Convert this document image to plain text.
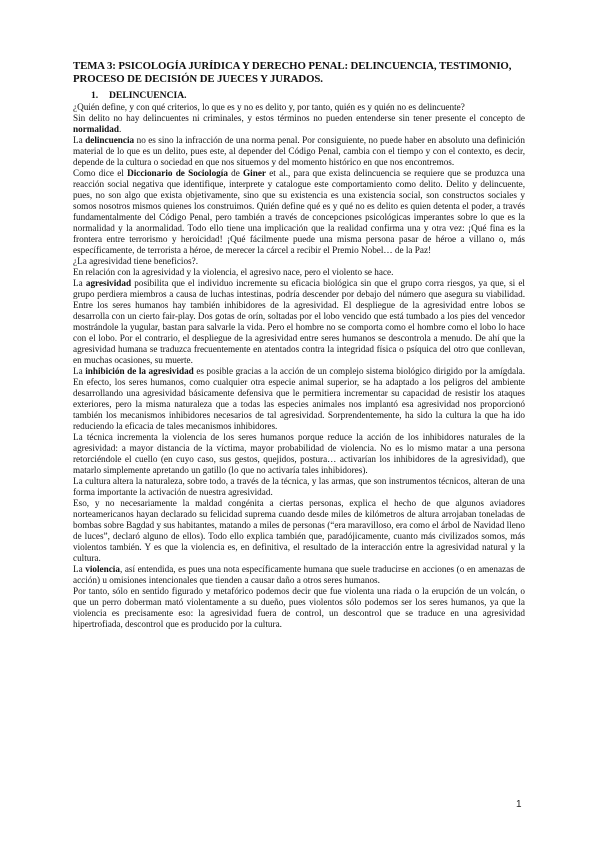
TEMA 3: PSICOLOGÍA JURÍDICA Y DERECHO PENAL: DELINCUENCIA, TESTIMONIO, PROCESO DE DECISIÓN DE JUECES Y JURADOS.
1. DELINCUENCIA.

¿Quién define, y con qué criterios, lo que es y no es delito y, por tanto, quién es y quién no es delincuente?

Sin delito no hay delincuentes ni criminales, y estos términos no pueden entenderse sin tener presente el concepto de normalidad.

La delincuencia no es sino la infracción de una norma penal. Por consiguiente, no puede haber en absoluto una definición material de lo que es un delito, pues este, al depender del Código Penal, cambia con el tiempo y con el contexto, es decir, depende de la cultura o sociedad en que nos situemos y del momento histórico en que nos encontremos.

Como dice el Diccionario de Sociología de Giner et al., para que exista delincuencia se requiere que se produzca una reacción social negativa que identifique, interprete y catalogue este comportamiento como delito. Delito y delincuente, pues, no son algo que exista objetivamente, sino que su existencia es una existencia social, son constructos sociales y somos nosotros mismos quienes los construimos. Quién define qué es y qué no es delito es quien detenta el poder, a través fundamentalmente del Código Penal, pero también a través de concepciones psicológicas imperantes sobre lo que es la normalidad y la anormalidad. Todo ello tiene una implicación que la realidad confirma una y otra vez: ¡Qué fina es la frontera entre terrorismo y heroicidad! ¡Qué fácilmente puede una misma persona pasar de héroe a villano o, más específicamente, de terrorista a héroe, de merecer la cárcel a recibir el Premio Nobel… de la Paz!

¿La agresividad tiene beneficios?.

En relación con la agresividad y la violencia, el agresivo nace, pero el violento se hace.

La agresividad posibilita que el individuo incremente su eficacia biológica sin que el grupo corra riesgos, ya que, si el grupo perdiera miembros a causa de luchas intestinas, podría descender por debajo del número que asegura su viabilidad. Entre los seres humanos hay también inhibidores de la agresividad. El despliegue de la agresividad entre lobos se desarrolla con un cierto fair-play. Dos gotas de orín, soltadas por el lobo vencido que está tumbado a los pies del vencedor mostrándole la yugular, bastan para salvarle la vida. Pero el hombre no se comporta como el hombre como el lobo lo hace con el lobo. Por el contrario, el despliegue de la agresividad entre seres humanos se descontrola a menudo. De ahí que la agresividad humana se traduzca frecuentemente en atentados contra la integridad física o psíquica del otro que conllevan, en muchas ocasiones, su muerte.

La inhibición de la agresividad es posible gracias a la acción de un complejo sistema biológico dirigido por la amígdala. En efecto, los seres humanos, como cualquier otra especie animal superior, se ha adaptado a los peligros del ambiente desarrollando una agresividad básicamente defensiva que le permitiera incrementar su capacidad de resistir los ataques exteriores, pero la misma naturaleza que a todas las especies animales nos implantó esa agresividad nos proporcionó también los mecanismos inhibidores necesarios de tal agresividad. Sorprendentemente, ha sido la cultura la que ha ido reduciendo la eficacia de tales mecanismos inhibidores.

La técnica incrementa la violencia de los seres humanos porque reduce la acción de los inhibidores naturales de la agresividad: a mayor distancia de la víctima, mayor probabilidad de violencia. No es lo mismo matar a una persona retorciéndole el cuello (en cuyo caso, sus gestos, quejidos, postura… activarían los inhibidores de la agresividad), que matarlo simplemente apretando un gatillo (lo que no activaría tales inhibidores).

La cultura altera la naturaleza, sobre todo, a través de la técnica, y las armas, que son instrumentos técnicos, alteran de una forma importante la activación de nuestra agresividad.

Eso, y no necesariamente la maldad congénita a ciertas personas, explica el hecho de que algunos aviadores norteamericanos hayan declarado su felicidad suprema cuando desde miles de kilómetros de altura arrojaban toneladas de bombas sobre Bagdad y sus habitantes, matando a miles de personas (“era maravilloso, era como el árbol de Navidad lleno de luces”, declaró alguno de ellos). Todo ello explica también que, paradójicamente, cuanto más civilizados somos, más violentos también. Y es que la violencia es, en definitiva, el resultado de la interacción entre la agresividad natural y la cultura.

La violencia, así entendida, es pues una nota específicamente humana que suele traducirse en acciones (o en amenazas de acción) u omisiones intencionales que tienden a causar daño a otros seres humanos.

Por tanto, sólo en sentido figurado y metafórico podemos decir que fue violenta una riada o la erupción de un volcán, o que un perro doberman mató violentamente a su dueño, pues violentos sólo podemos ser los seres humanos, ya que la violencia es precisamente eso: la agresividad fuera de control, un descontrol que se traduce en una agresividad hipertrofiada, descontrol que es producido por la cultura.

1
